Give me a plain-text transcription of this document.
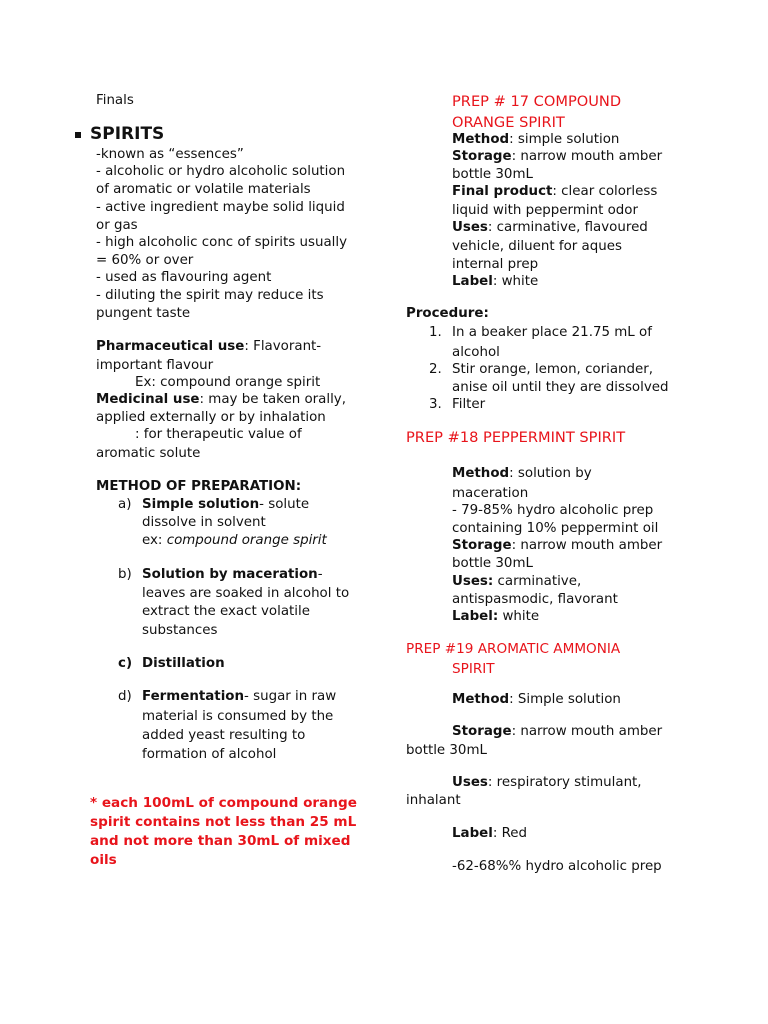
Finals
SPIRITS
-known as “essences”
- alcoholic or hydro alcoholic solution
of aromatic or volatile materials
- active ingredient maybe solid liquid
or gas
- high alcoholic conc of spirits usually
= 60% or over
- used as flavouring agent
- diluting the spirit may reduce its
pungent taste
Pharmaceutical use: Flavorant-
important flavour
Ex: compound orange spirit
Medicinal use: may be taken orally,
applied externally or by inhalation
: for therapeutic value of
aromatic solute
METHOD OF PREPARATION:
a) Simple solution- solute
dissolve in solvent
ex: compound orange spirit
b) Solution by maceration-
leaves are soaked in alcohol to
extract the exact volatile
substances
c) Distillation
d) Fermentation- sugar in raw
material is consumed by the
added yeast resulting to
formation of alcohol
* each 100mL of compound orange
spirit contains not less than 25 mL
and not more than 30mL of mixed
oils
PREP # 17 COMPOUND
ORANGE SPIRIT
Method: simple solution
Storage: narrow mouth amber
bottle 30mL
Final product: clear colorless
liquid with peppermint odor
Uses: carminative, flavoured
vehicle, diluent for aques
internal prep
Label: white
Procedure:
1. In a beaker place 21.75 mL of
alcohol
2. Stir orange, lemon, coriander,
anise oil until they are dissolved
3. Filter
PREP #18 PEPPERMINT SPIRIT
Method: solution by
maceration
- 79-85% hydro alcoholic prep
containing 10% peppermint oil
Storage: narrow mouth amber
bottle 30mL
Uses: carminative,
antispasmodic, flavorant
Label: white
PREP #19 AROMATIC AMMONIA
SPIRIT
Method: Simple solution
Storage: narrow mouth amber
bottle 30mL
Uses: respiratory stimulant,
inhalant
Label: Red
-62-68%% hydro alcoholic prep
